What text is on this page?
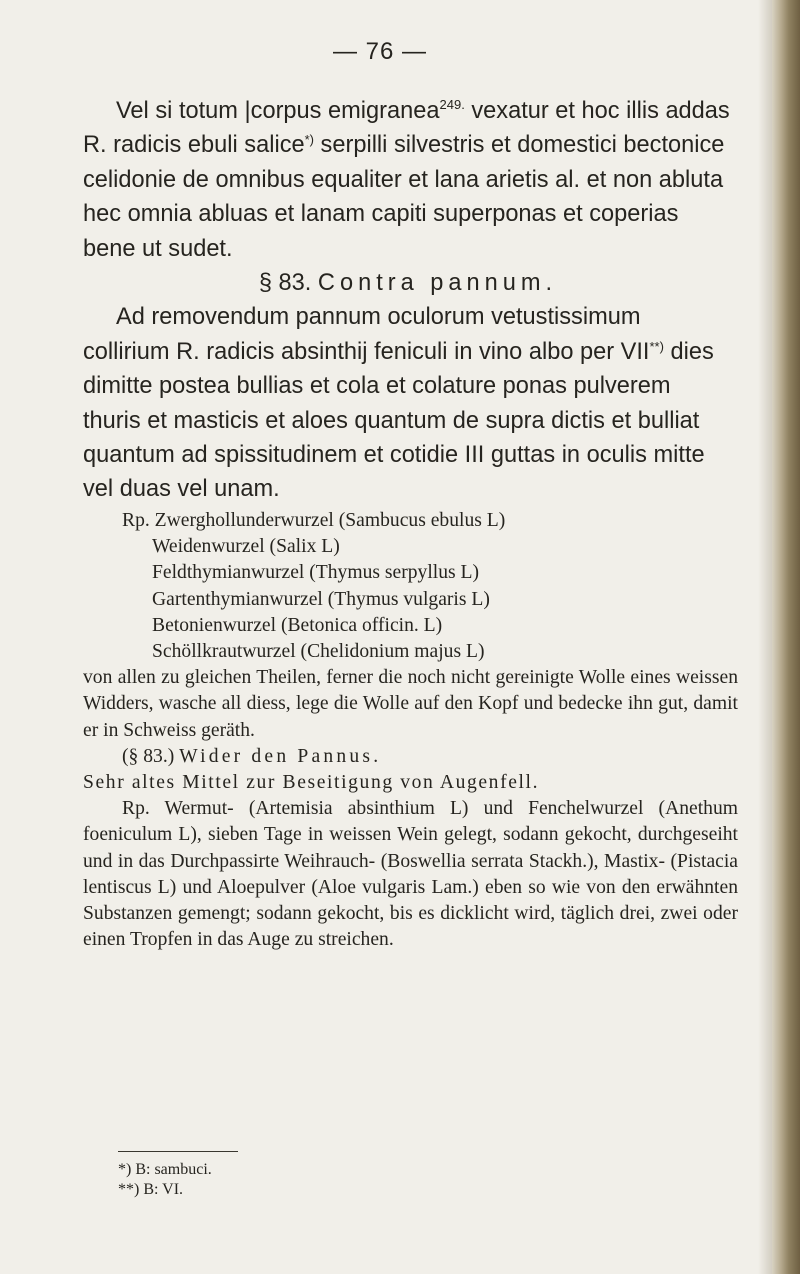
— 76 —

Vel si totum |corpus emigranea$^{249.}$ vexatur et hoc illis addas R. radicis ebuli salice*) serpilli silvestris et domestici bectonice celidonie de omnibus equaliter et lana arietis al. et non abluta hec omnia abluas et lanam capiti superponas et coperias bene ut sudet.

§ 83. Contra pannum.

Ad removendum pannum oculorum vetustissimum collirium R. radicis absinthij feniculi in vino albo per VII**) dies dimitte postea bullias et cola et colature ponas pulverem thuris et masticis et aloes quantum de supra dictis et bulliat quantum ad spissitudinem et cotidie III guttas in oculis mitte vel duas vel unam.

Rp. Zwerghollunderwurzel (Sambucus ebulus L)

Weidenwurzel (Salix L)

Feldthymianwurzel (Thymus serpyllus L)

Gartenthymianwurzel (Thymus vulgaris L)

Betonienwurzel (Betonica officin. L)

Schöllkrautwurzel (Chelidonium majus L)

von allen zu gleichen Theilen, ferner die noch nicht gereinigte Wolle eines weissen Widders, wasche all diess, lege die Wolle auf den Kopf und bedecke ihn gut, damit er in Schweiss geräth.

(§ 83.) Wider den Pannus.

Sehr altes Mittel zur Beseitigung von Augenfell.

Rp. Wermut- (Artemisia absinthium L) und Fenchelwurzel (Anethum foeniculum L), sieben Tage in weissen Wein gelegt, sodann gekocht, durchgeseiht und in das Durchpassirte Weihrauch- (Boswellia serrata Stackh.), Mastix- (Pistacia lentiscus L) und Aloepulver (Aloe vulgaris Lam.) eben so wie von den erwähnten Substanzen gemengt; sodann gekocht, bis es dicklicht wird, täglich drei, zwei oder einen Tropfen in das Auge zu streichen.

*) B: sambuci.

**) B: VI.
